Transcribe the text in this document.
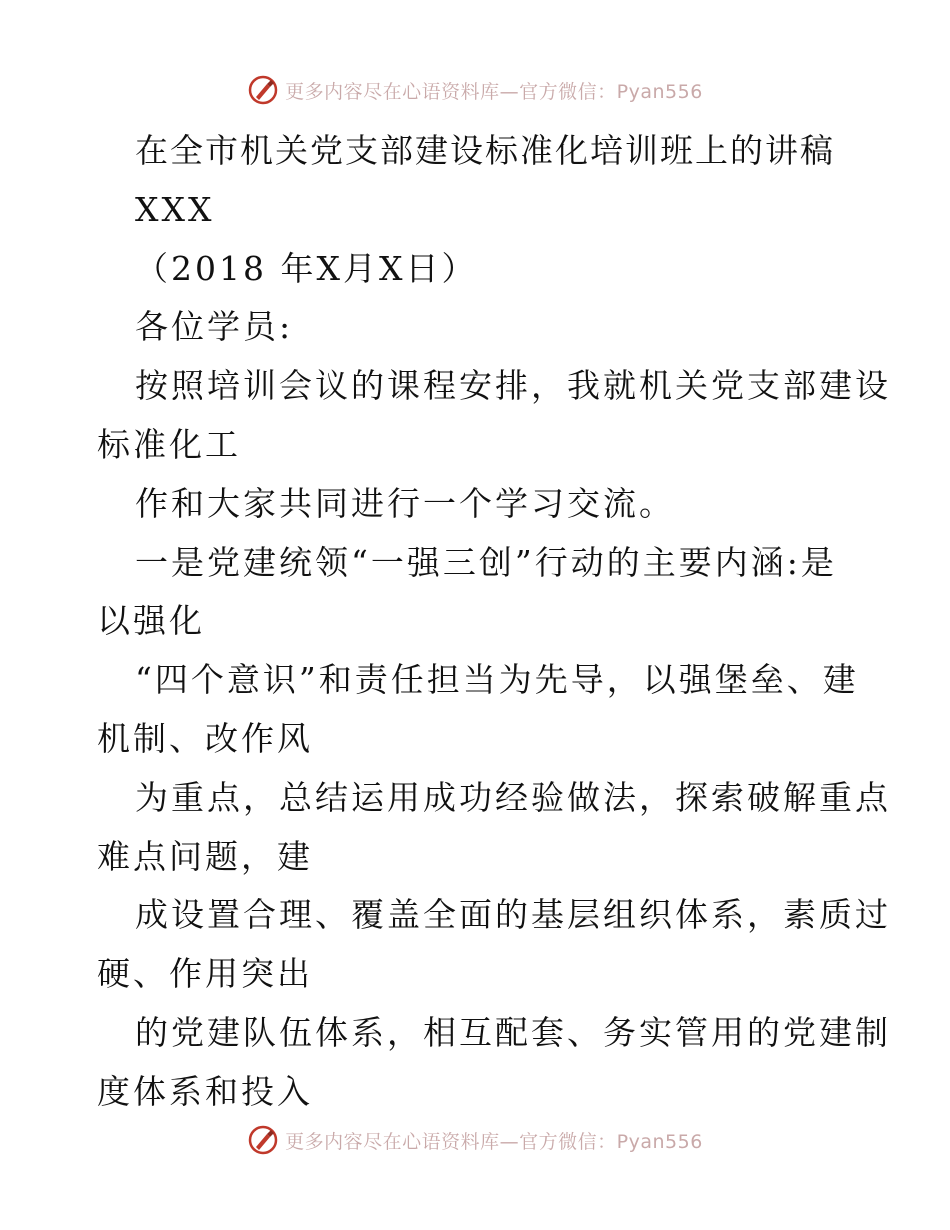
更多内容尽在心语资料库—官方微信：Pyan556
在全市机关党支部建设标准化培训班上的讲稿
XXX
（2018 年X月X日）
各位学员:
按照培训会议的课程安排，我就机关党支部建设
标准化工
作和大家共同进行一个学习交流。
一是党建统领“一强三创”行动的主要内涵:是
以强化
“四个意识”和责任担当为先导，以强堡垒、建
机制、改作风
为重点，总结运用成功经验做法，探索破解重点
难点问题，建
成设置合理、覆盖全面的基层组织体系，素质过
硬、作用突出
的党建队伍体系，相互配套、务实管用的党建制
度体系和投入
更多内容尽在心语资料库—官方微信：Pyan556
